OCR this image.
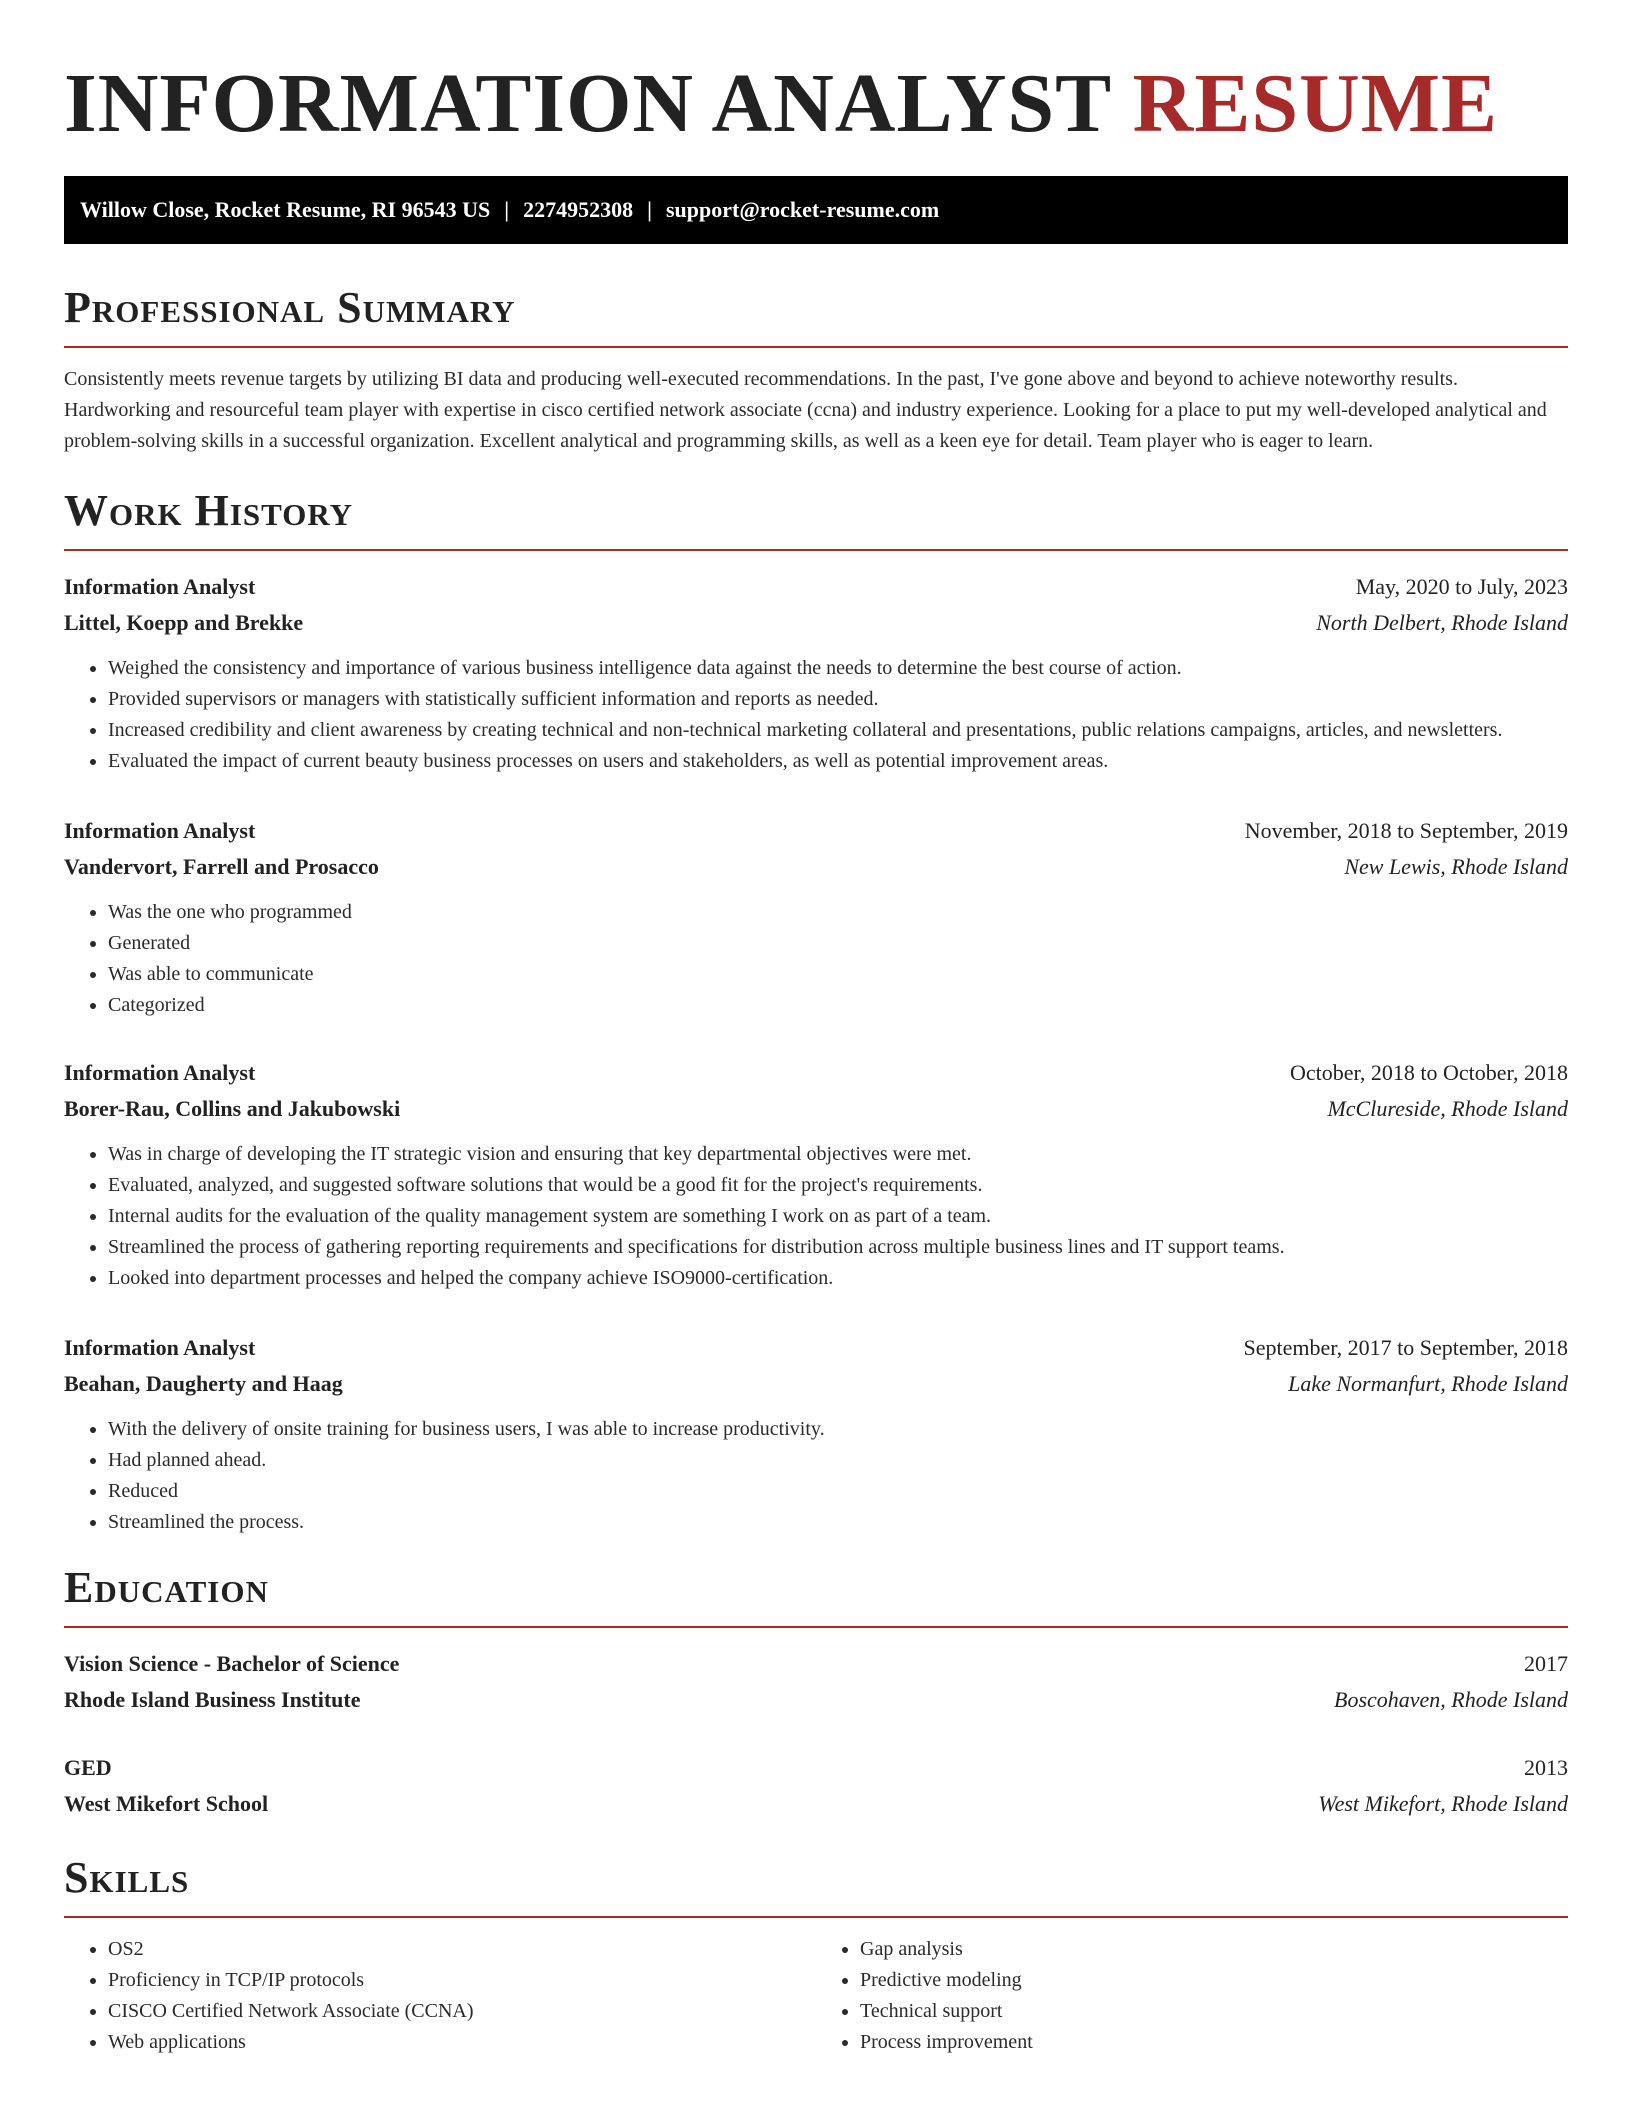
INFORMATION ANALYST RESUME
Willow Close, Rocket Resume, RI 96543 US | 2274952308 | support@rocket-resume.com
Professional Summary

Consistently meets revenue targets by utilizing BI data and producing well-executed recommendations. In the past, I've gone above and beyond to achieve noteworthy results. Hardworking and resourceful team player with expertise in cisco certified network associate (ccna) and industry experience. Looking for a place to put my well-developed analytical and problem-solving skills in a successful organization. Excellent analytical and programming skills, as well as a keen eye for detail. Team player who is eager to learn.

Work History
Information Analyst	May, 2020 to July, 2023
Littel, Koepp and Brekke	North Delbert, Rhode Island
• Weighed the consistency and importance of various business intelligence data against the needs to determine the best course of action.
• Provided supervisors or managers with statistically sufficient information and reports as needed.
• Increased credibility and client awareness by creating technical and non-technical marketing collateral and presentations, public relations campaigns, articles, and newsletters.
• Evaluated the impact of current beauty business processes on users and stakeholders, as well as potential improvement areas.
Information Analyst	November, 2018 to September, 2019
Vandervort, Farrell and Prosacco	New Lewis, Rhode Island
• Was the one who programmed
• Generated
• Was able to communicate
• Categorized
Information Analyst	October, 2018 to October, 2018
Borer-Rau, Collins and Jakubowski	McClureside, Rhode Island
• Was in charge of developing the IT strategic vision and ensuring that key departmental objectives were met.
• Evaluated, analyzed, and suggested software solutions that would be a good fit for the project's requirements.
• Internal audits for the evaluation of the quality management system are something I work on as part of a team.
• Streamlined the process of gathering reporting requirements and specifications for distribution across multiple business lines and IT support teams.
• Looked into department processes and helped the company achieve ISO9000-certification.
Information Analyst	September, 2017 to September, 2018
Beahan, Daugherty and Haag	Lake Normanfurt, Rhode Island
• With the delivery of onsite training for business users, I was able to increase productivity.
• Had planned ahead.
• Reduced
• Streamlined the process.
Education
Vision Science - Bachelor of Science	2017
Rhode Island Business Institute	Boscohaven, Rhode Island
GED	2013
West Mikefort School	West Mikefort, Rhode Island
Skills
• OS2
• Proficiency in TCP/IP protocols
• CISCO Certified Network Associate (CCNA)
• Web applications
• Gap analysis
• Predictive modeling
• Technical support
• Process improvement
